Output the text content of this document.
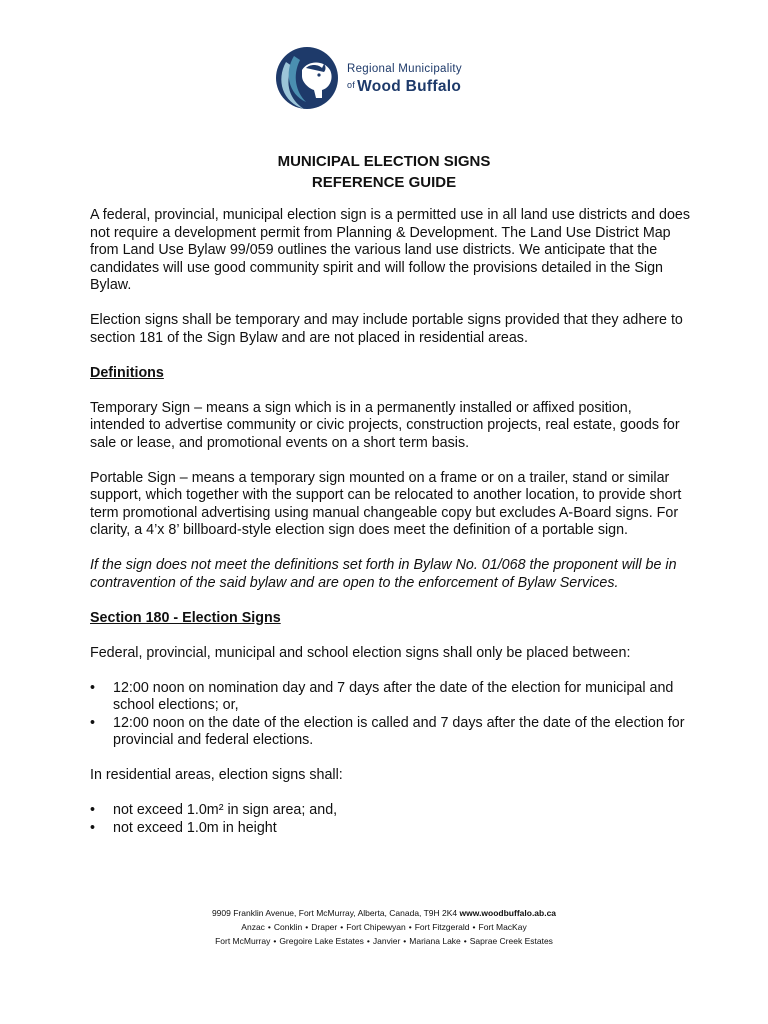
Regional Municipality
of Wood Buffalo
MUNICIPAL ELECTION SIGNS
REFERENCE GUIDE

A federal, provincial, municipal election sign is a permitted use in all land use districts and does not require a development permit from Planning & Development. The Land Use District Map from Land Use Bylaw 99/059 outlines the various land use districts. We anticipate that the candidates will use good community spirit and will follow the provisions detailed in the Sign Bylaw.

Election signs shall be temporary and may include portable signs provided that they adhere to section 181 of the Sign Bylaw and are not placed in residential areas.

Definitions

Temporary Sign – means a sign which is in a permanently installed or affixed position, intended to advertise community or civic projects, construction projects, real estate, goods for sale or lease, and promotional events on a short term basis.

Portable Sign – means a temporary sign mounted on a frame or on a trailer, stand or similar support, which together with the support can be relocated to another location, to provide short term promotional advertising using manual changeable copy but excludes A-Board signs. For clarity, a 4’x 8’ billboard-style election sign does meet the definition of a portable sign.

If the sign does not meet the definitions set forth in Bylaw No. 01/068 the proponent will be in contravention of the said bylaw and are open to the enforcement of Bylaw Services.

Section 180 - Election Signs

Federal, provincial, municipal and school election signs shall only be placed between:

• 12:00 noon on nomination day and 7 days after the date of the election for municipal and school elections; or,
• 12:00 noon on the date of the election is called and 7 days after the date of the election for provincial and federal elections.

In residential areas, election signs shall:

• not exceed 1.0m² in sign area; and,
• not exceed 1.0m in height
9909 Franklin Avenue, Fort McMurray, Alberta, Canada, T9H 2K4 www.woodbuffalo.ab.ca
Anzac • Conklin • Draper • Fort Chipewyan • Fort Fitzgerald • Fort MacKay
Fort McMurray • Gregoire Lake Estates • Janvier • Mariana Lake • Saprae Creek Estates
